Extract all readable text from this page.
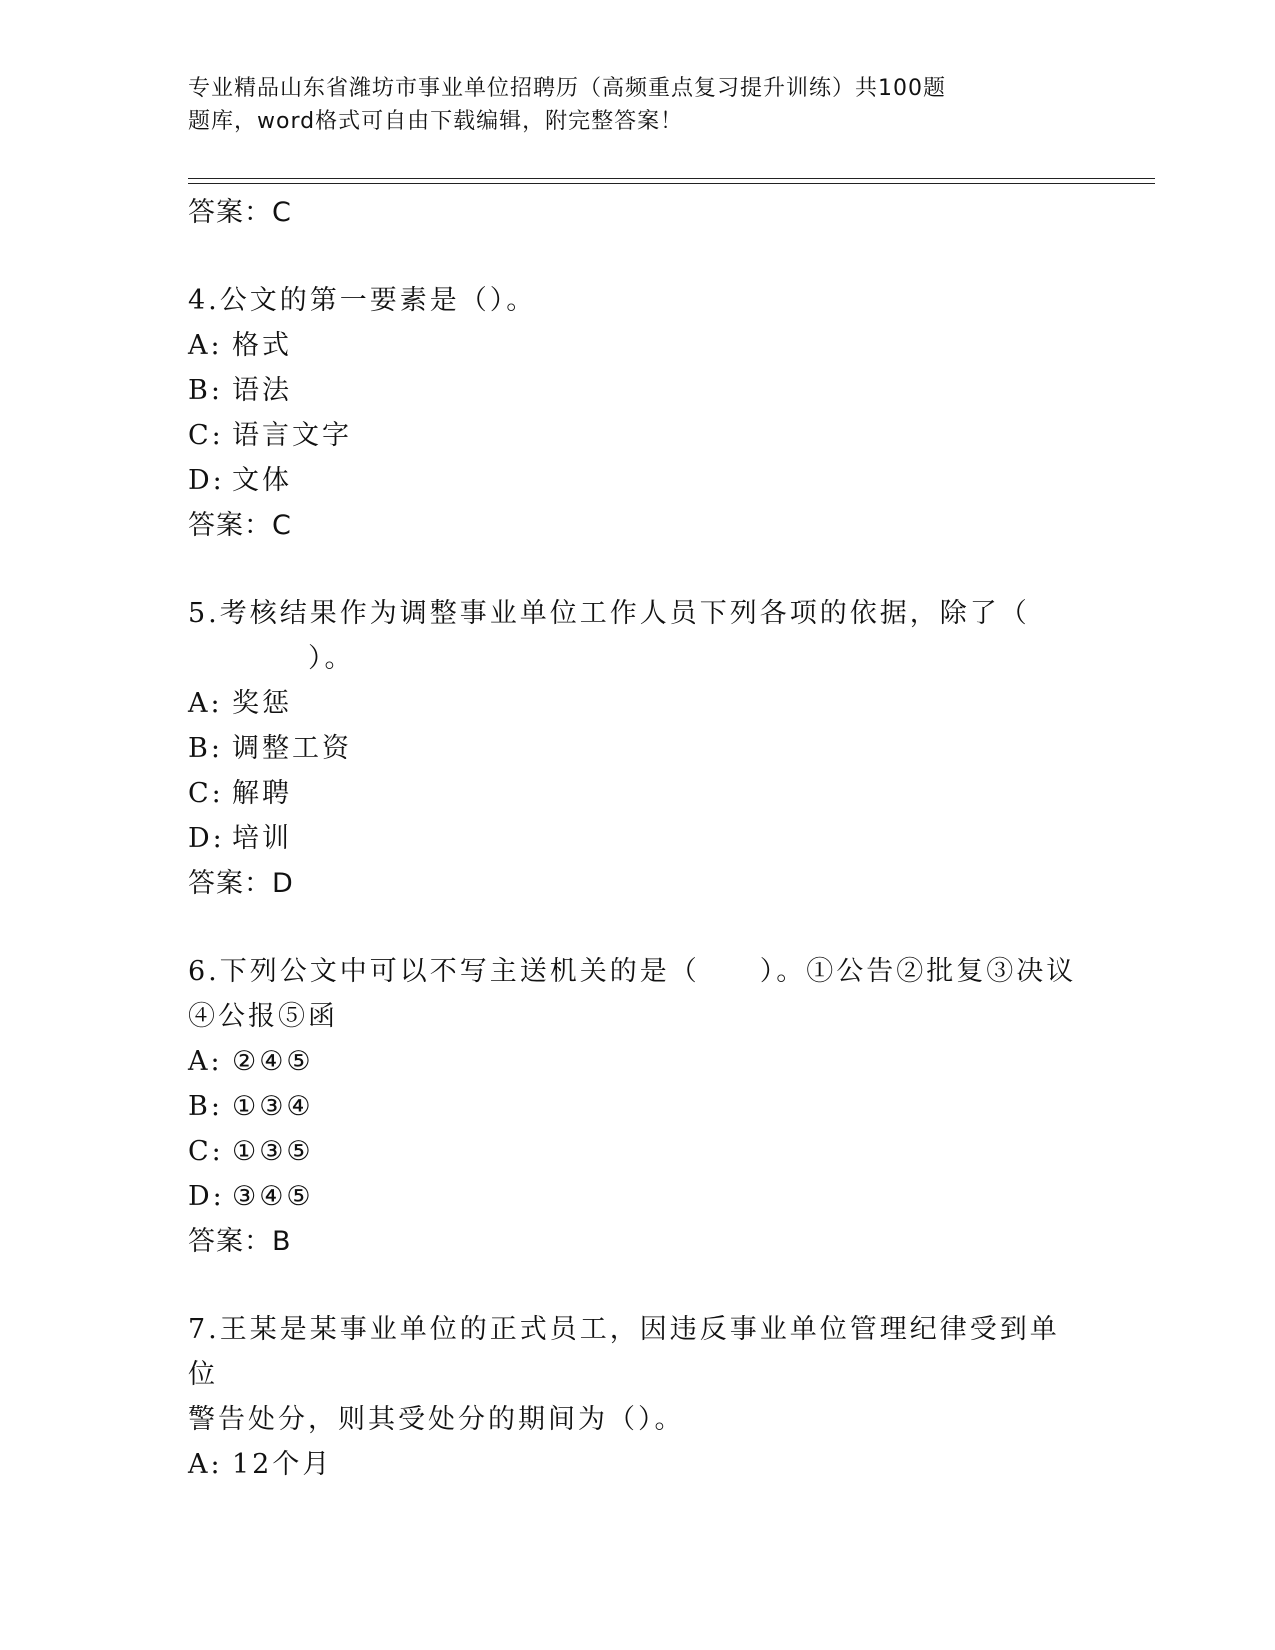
专业精品山东省潍坊市事业单位招聘历（高频重点复习提升训练）共100题
题库，word格式可自由下载编辑，附完整答案！
答案：C
4.公文的第一要素是（）。
A: 格式
B: 语法
C: 语言文字
D: 文体
答案：C
5.考核结果作为调整事业单位工作人员下列各项的依据，除了（
　　　　）。
A: 奖惩
B: 调整工资
C: 解聘
D: 培训
答案：D
6.下列公文中可以不写主送机关的是（　　）。①公告②批复③决议
④公报⑤函
A: ②④⑤
B: ①③④
C: ①③⑤
D: ③④⑤
答案：B
7.王某是某事业单位的正式员工，因违反事业单位管理纪律受到单位
警告处分，则其受处分的期间为（）。
A: 12个月
